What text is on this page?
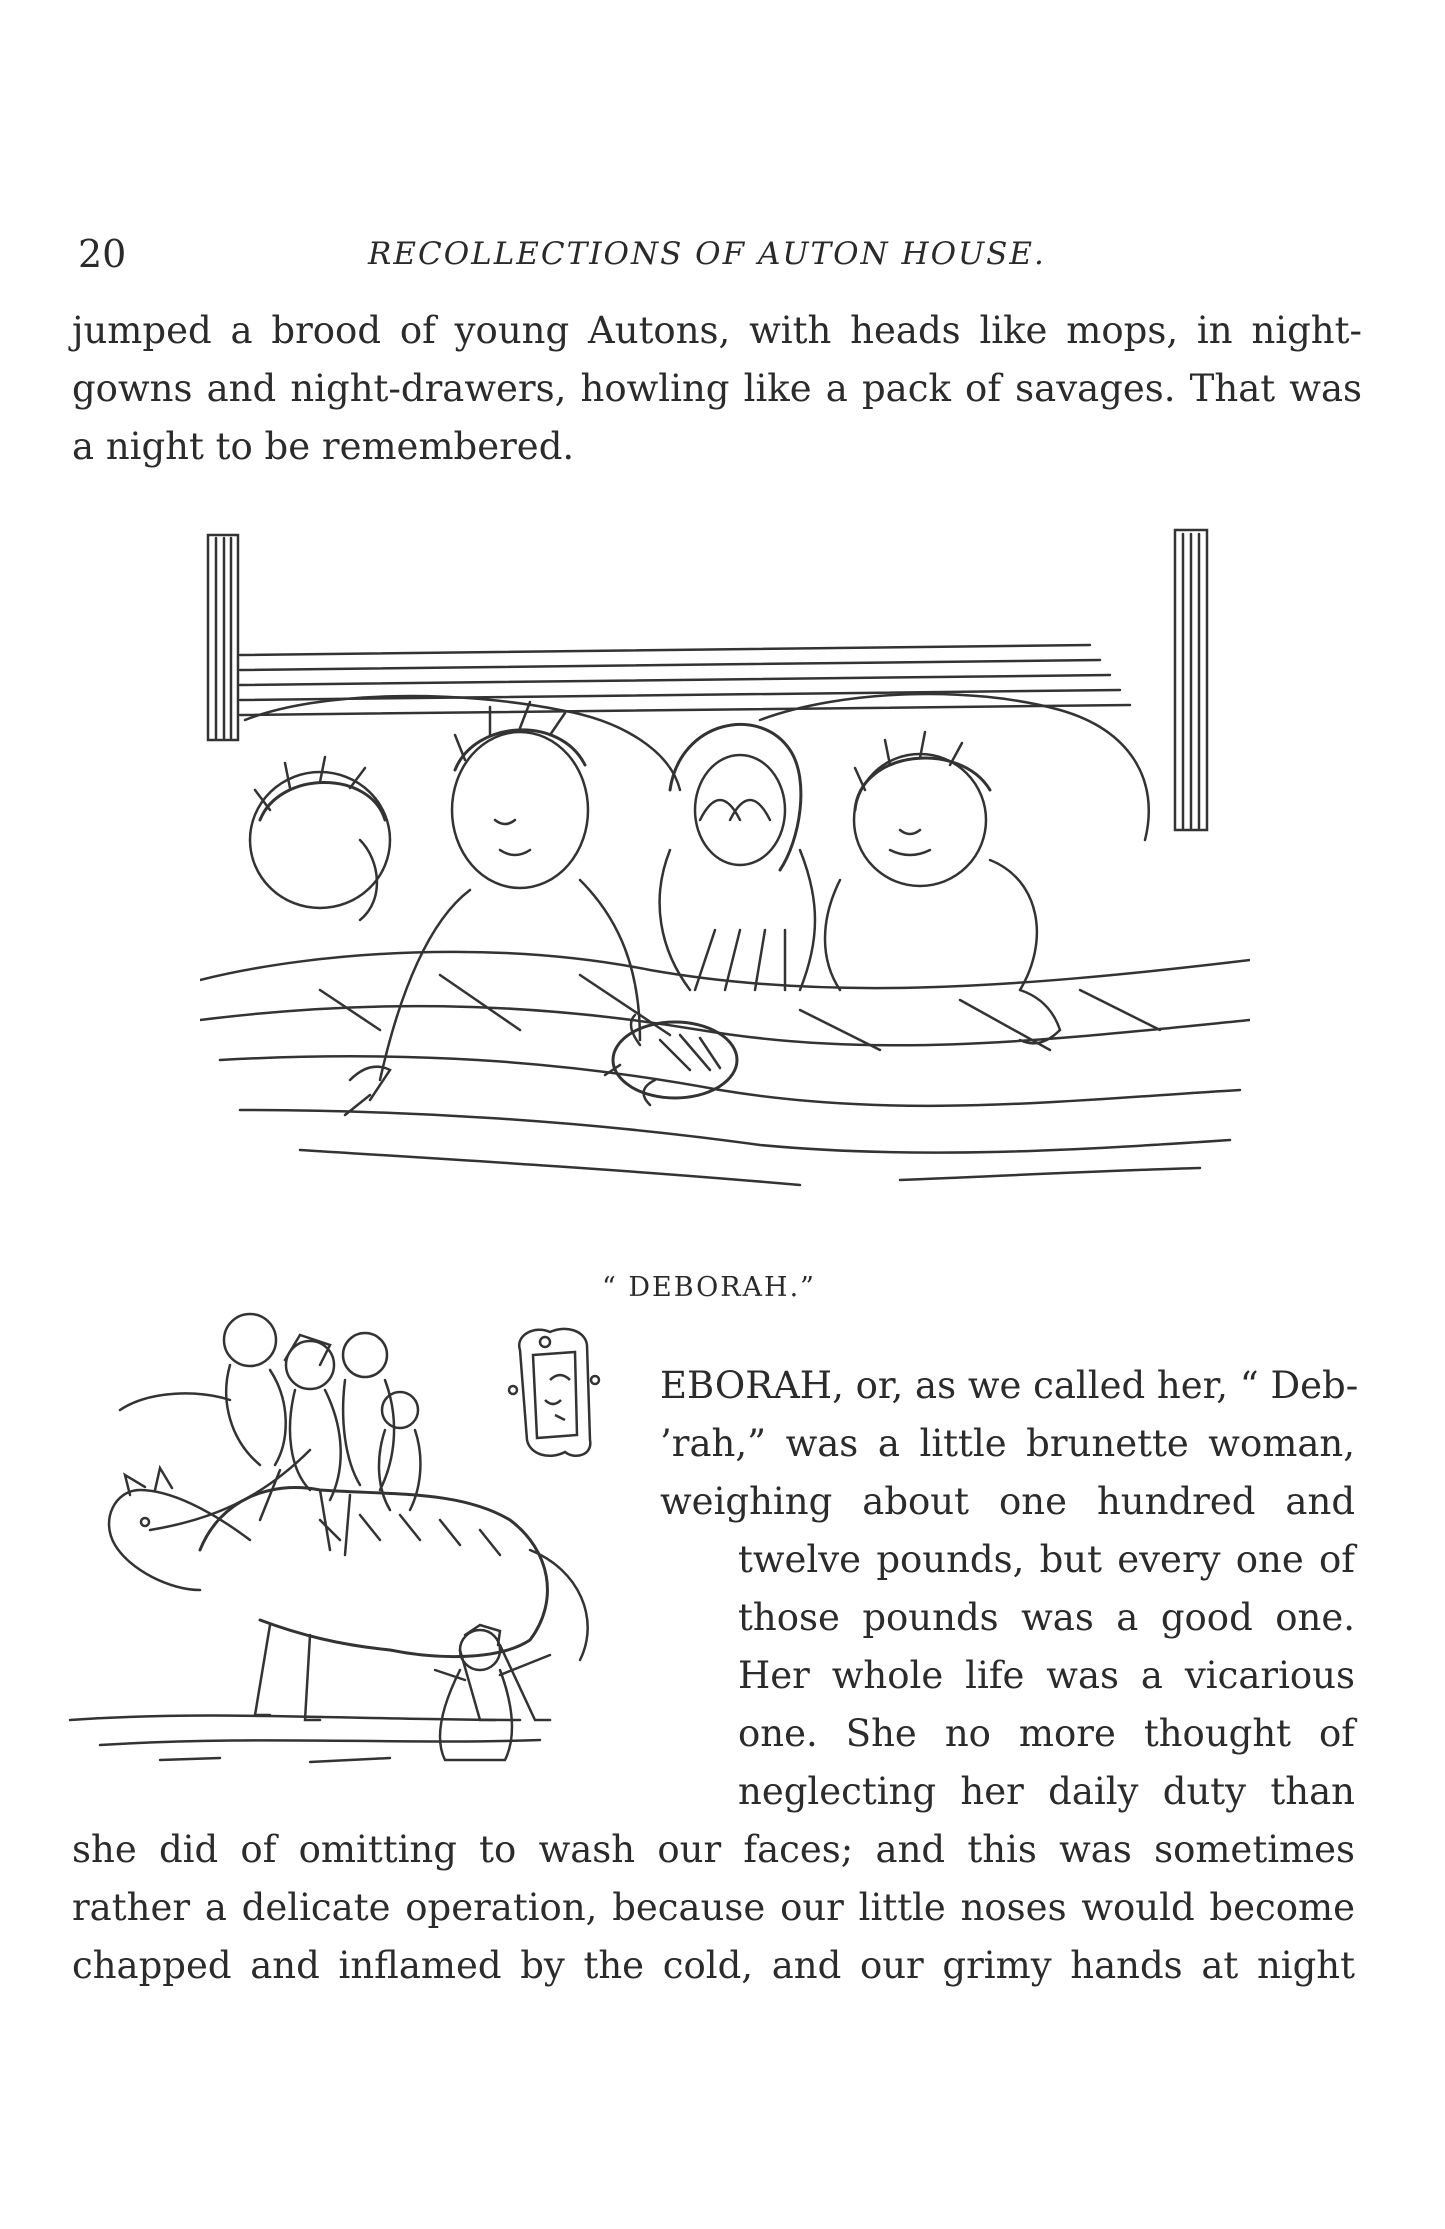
20	RECOLLECTIONS OF AUTON HOUSE.

jumped a brood of young Autons, with heads like mops, in night-
gowns and night-drawers, howling like a pack of savages. That was
a night to be remembered.

“ DEBORAH.”

EBORAH, or, as we called her, “ Deb-
’rah,” was a little brunette woman,
weighing about one hundred and

twelve pounds, but every one of
those pounds was a good one.
Her whole life was a vicarious
one. She no more thought of
neglecting her daily duty than

she did of omitting to wash our faces; and this was sometimes
rather a delicate operation, because our little noses would become
chapped and inflamed by the cold, and our grimy hands at night
